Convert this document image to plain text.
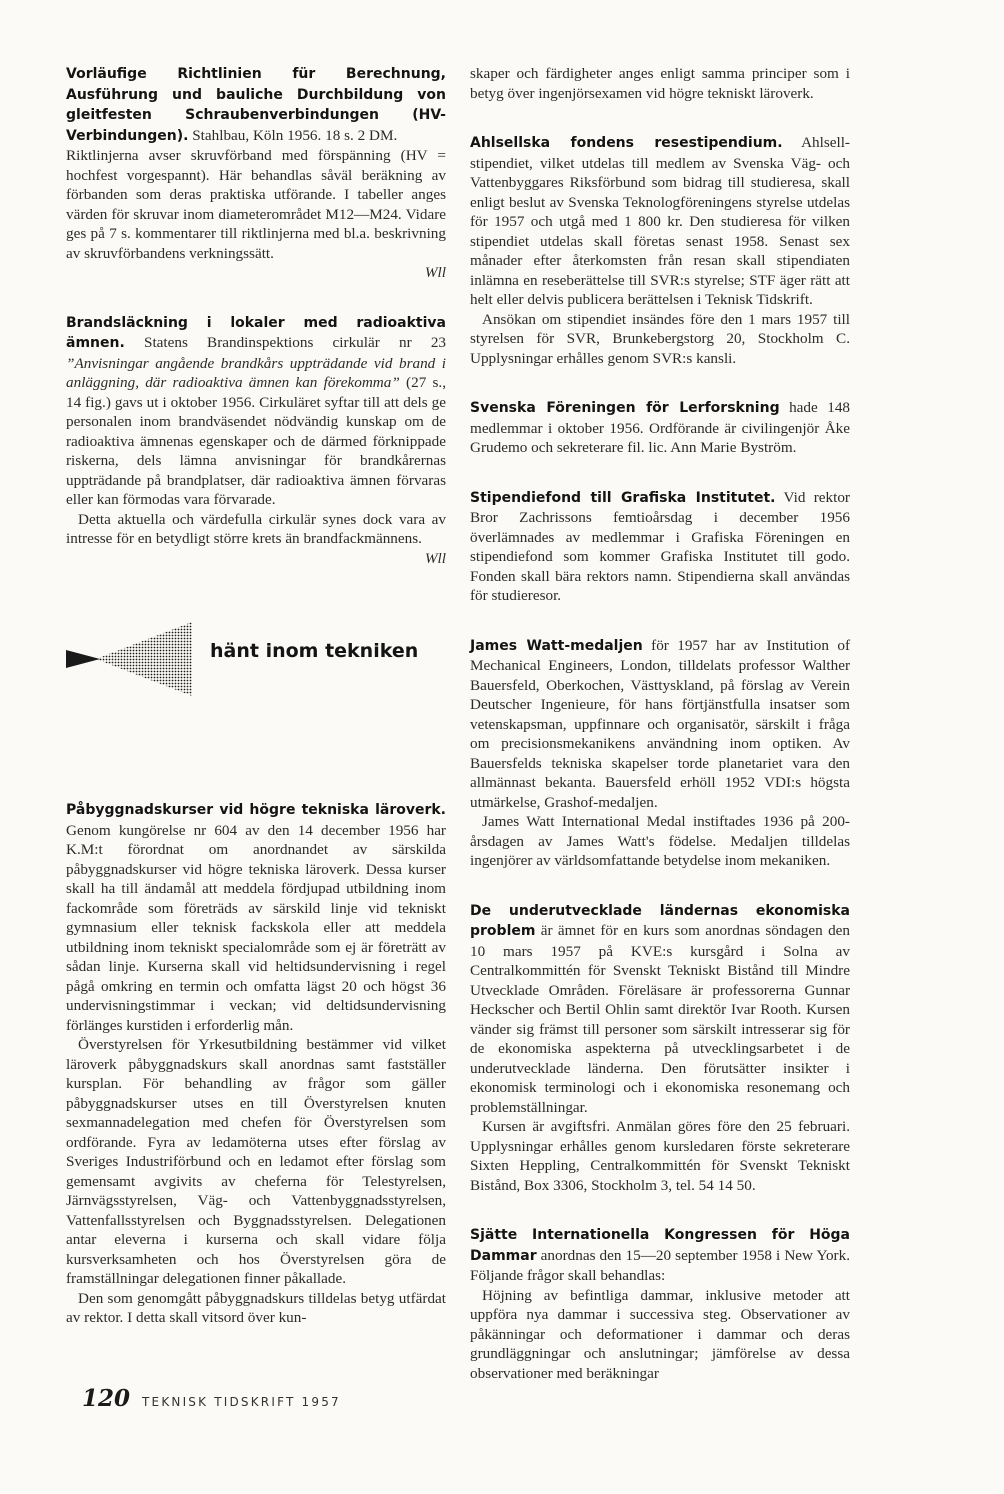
Vorläufige Richtlinien für Berechnung, Ausführung und bauliche Durchbildung von gleitfesten Schraubenverbindungen (HV-Verbindungen). Stahlbau, Köln 1956. 18 s. 2 DM.

Riktlinjerna avser skruvförband med förspänning (HV = hochfest vorgespannt). Här behandlas såväl beräkning av förbanden som deras praktiska utförande. I tabeller anges värden för skruvar inom diameterområdet M12—M24. Vidare ges på 7 s. kommentarer till riktlinjerna med bl.a. beskrivning av skruvförbandens verkningssätt.

Wll

Brandsläckning i lokaler med radioaktiva ämnen. Statens Brandinspektions cirkulär nr 23 ”Anvisningar angående brandkårs uppträdande vid brand i anläggning, där radioaktiva ämnen kan förekomma” (27 s., 14 fig.) gavs ut i oktober 1956. Cirkuläret syftar till att dels ge personalen inom brandväsendet nödvändig kunskap om de radioaktiva ämnenas egenskaper och de därmed förknippade riskerna, dels lämna anvisningar för brandkårernas uppträdande på brandplatser, där radioaktiva ämnen förvaras eller kan förmodas vara förvarade.

Detta aktuella och värdefulla cirkulär synes dock vara av intresse för en betydligt större krets än brandfackmännens.

Wll

hänt inom tekniken

Påbyggnadskurser vid högre tekniska läroverk. Genom kungörelse nr 604 av den 14 december 1956 har K.M:t förordnat om anordnandet av särskilda påbyggnadskurser vid högre tekniska läroverk. Dessa kurser skall ha till ändamål att meddela fördjupad utbildning inom fackområde som företräds av särskild linje vid tekniskt gymnasium eller teknisk fackskola eller att meddela utbildning inom tekniskt specialområde som ej är företrätt av sådan linje. Kurserna skall vid heltidsundervisning i regel pågå omkring en termin och omfatta lägst 20 och högst 36 undervisningstimmar i veckan; vid deltidsundervisning förlänges kurstiden i erforderlig mån.

Överstyrelsen för Yrkesutbildning bestämmer vid vilket läroverk påbyggnadskurs skall anordnas samt fastställer kursplan. För behandling av frågor som gäller påbyggnadskurser utses en till Överstyrelsen knuten sexmannadelegation med chefen för Överstyrelsen som ordförande. Fyra av ledamöterna utses efter förslag av Sveriges Industriförbund och en ledamot efter förslag som gemensamt avgivits av cheferna för Telestyrelsen, Järnvägsstyrelsen, Väg- och Vattenbyggnadsstyrelsen, Vattenfallsstyrelsen och Byggnadsstyrelsen. Delegationen antar eleverna i kurserna och skall vidare följa kursverksamheten och hos Överstyrelsen göra de framställningar delegationen finner påkallade.

Den som genomgått påbyggnadskurs tilldelas betyg utfärdat av rektor. I detta skall vitsord över kun-

skaper och färdigheter anges enligt samma principer som i betyg över ingenjörsexamen vid högre tekniskt läroverk.

Ahlsellska fondens resestipendium. Ahlsell-stipendiet, vilket utdelas till medlem av Svenska Väg- och Vattenbyggares Riksförbund som bidrag till studieresa, skall enligt beslut av Svenska Teknologföreningens styrelse utdelas för 1957 och utgå med 1 800 kr. Den studieresa för vilken stipendiet utdelas skall företas senast 1958. Senast sex månader efter återkomsten från resan skall stipendiaten inlämna en reseberättelse till SVR:s styrelse; STF äger rätt att helt eller delvis publicera berättelsen i Teknisk Tidskrift.

Ansökan om stipendiet insändes före den 1 mars 1957 till styrelsen för SVR, Brunkebergstorg 20, Stockholm C. Upplysningar erhålles genom SVR:s kansli.

Svenska Föreningen för Lerforskning hade 148 medlemmar i oktober 1956. Ordförande är civilingenjör Åke Grudemo och sekreterare fil. lic. Ann Marie Byström.

Stipendiefond till Grafiska Institutet. Vid rektor Bror Zachrissons femtioårsdag i december 1956 överlämnades av medlemmar i Grafiska Föreningen en stipendiefond som kommer Grafiska Institutet till godo. Fonden skall bära rektors namn. Stipendierna skall användas för studieresor.

James Watt-medaljen för 1957 har av Institution of Mechanical Engineers, London, tilldelats professor Walther Bauersfeld, Oberkochen, Västtyskland, på förslag av Verein Deutscher Ingenieure, för hans förtjänstfulla insatser som vetenskapsman, uppfinnare och organisatör, särskilt i fråga om precisionsmekanikens användning inom optiken. Av Bauersfelds tekniska skapelser torde planetariet vara den allmännast bekanta. Bauersfeld erhöll 1952 VDI:s högsta utmärkelse, Grashof-medaljen.

James Watt International Medal instiftades 1936 på 200-årsdagen av James Watt's födelse. Medaljen tilldelas ingenjörer av världsomfattande betydelse inom mekaniken.

De underutvecklade ländernas ekonomiska problem är ämnet för en kurs som anordnas söndagen den 10 mars 1957 på KVE:s kursgård i Solna av Centralkommittén för Svenskt Tekniskt Bistånd till Mindre Utvecklade Områden. Föreläsare är professorerna Gunnar Heckscher och Bertil Ohlin samt direktör Ivar Rooth. Kursen vänder sig främst till personer som särskilt intresserar sig för de ekonomiska aspekterna på utvecklingsarbetet i de underutvecklade länderna. Den förutsätter insikter i ekonomisk terminologi och i ekonomiska resonemang och problemställningar.

Kursen är avgiftsfri. Anmälan göres före den 25 februari. Upplysningar erhålles genom kursledaren förste sekreterare Sixten Heppling, Centralkommittén för Svenskt Tekniskt Bistånd, Box 3306, Stockholm 3, tel. 54 14 50.

Sjätte Internationella Kongressen för Höga Dammar anordnas den 15—20 september 1958 i New York. Följande frågor skall behandlas:

Höjning av befintliga dammar, inklusive metoder att uppföra nya dammar i successiva steg. Observationer av påkänningar och deformationer i dammar och deras grundläggningar och anslutningar; jämförelse av dessa observationer med beräkningar

120 TEKNISK TIDSKRIFT 1957
